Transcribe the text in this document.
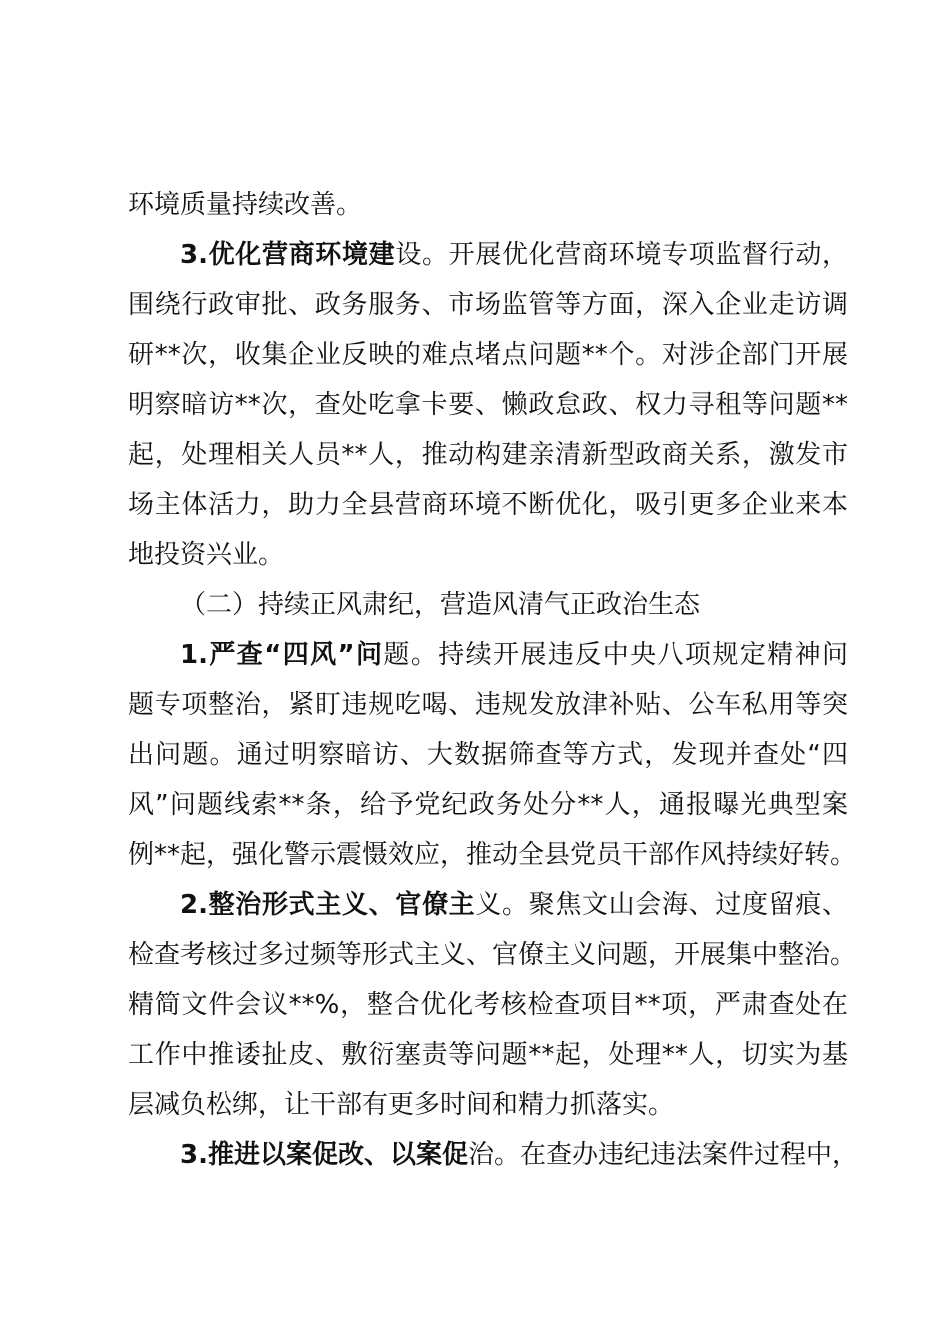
环境质量持续改善。
3.优化营商环境建设。开展优化营商环境专项监督行动，
围绕行政审批、政务服务、市场监管等方面，深入企业走访调
研**次，收集企业反映的难点堵点问题**个。对涉企部门开展
明察暗访**次，查处吃拿卡要、懒政怠政、权力寻租等问题**
起，处理相关人员**人，推动构建亲清新型政商关系，激发市
场主体活力，助力全县营商环境不断优化，吸引更多企业来本
地投资兴业。
（二）持续正风肃纪，营造风清气正政治生态
1.严查“四风”问题。持续开展违反中央八项规定精神问
题专项整治，紧盯违规吃喝、违规发放津补贴、公车私用等突
出问题。通过明察暗访、大数据筛查等方式，发现并查处“四
风”问题线索**条，给予党纪政务处分**人，通报曝光典型案
例**起，强化警示震慑效应，推动全县党员干部作风持续好转。
2.整治形式主义、官僚主义。聚焦文山会海、过度留痕、
检查考核过多过频等形式主义、官僚主义问题，开展集中整治。
精简文件会议**%，整合优化考核检查项目**项，严肃查处在
工作中推诿扯皮、敷衍塞责等问题**起，处理**人，切实为基
层减负松绑，让干部有更多时间和精力抓落实。
3.推进以案促改、以案促治。在查办违纪违法案件过程中，
